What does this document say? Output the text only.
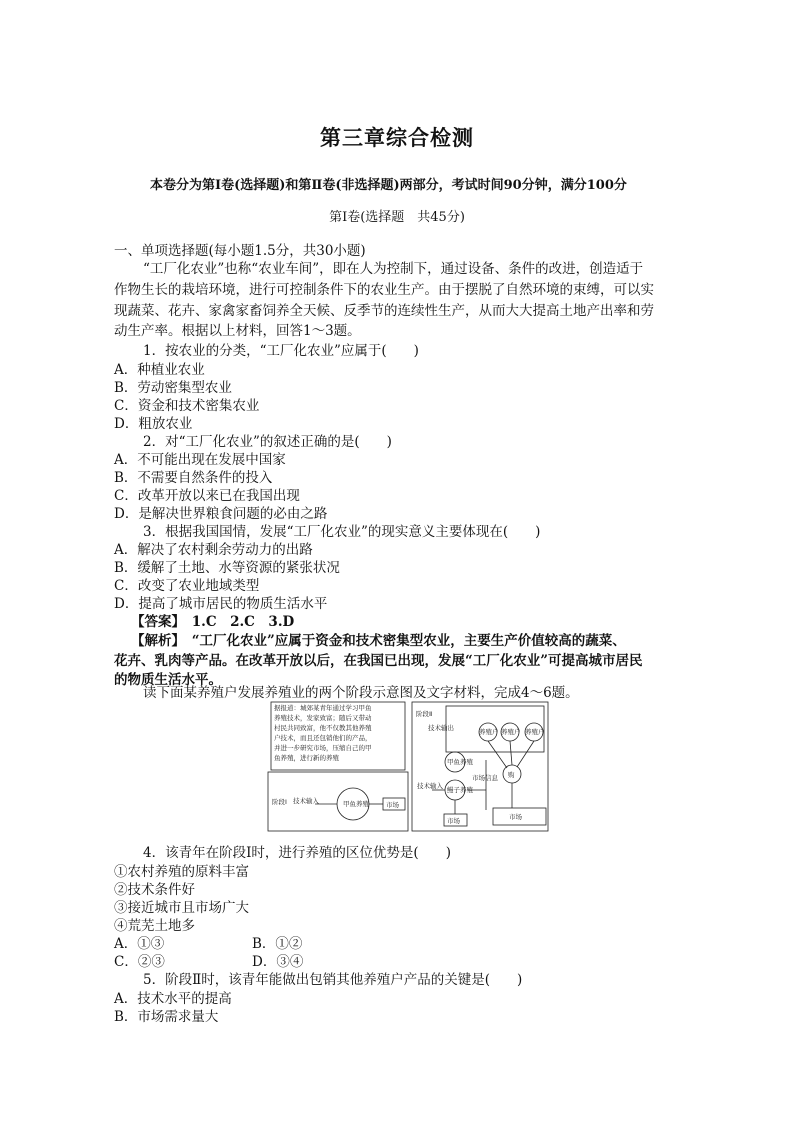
第三章综合检测
本卷分为第Ⅰ卷(选择题)和第Ⅱ卷(非选择题)两部分，考试时间90分钟，满分100分
第Ⅰ卷(选择题　共45分)
一、单项选择题(每小题1.5分，共30小题)
“工厂化农业”也称“农业车间”，即在人为控制下，通过设备、条件的改进，创造适于
作物生长的栽培环境，进行可控制条件下的农业生产。由于摆脱了自然环境的束缚，可以实
现蔬菜、花卉、家禽家畜饲养全天候、反季节的连续性生产，从而大大提高土地产出率和劳
动生产率。根据以上材料，回答1～3题。
1．按农业的分类，“工厂化农业”应属于(　　)
A．种植业农业
B．劳动密集型农业
C．资金和技术密集农业
D．粗放农业
2．对“工厂化农业”的叙述正确的是(　　)
A．不可能出现在发展中国家
B．不需要自然条件的投入
C．改革开放以来已在我国出现
D．是解决世界粮食问题的必由之路
3．根据我国国情，发展“工厂化农业”的现实意义主要体现在(　　)
A．解决了农村剩余劳动力的出路
B．缓解了土地、水等资源的紧张状况
C．改变了农业地域类型
D．提高了城市居民的物质生活水平
【答案】　1.C　2.C　3.D
【解析】　“工厂化农业”应属于资金和技术密集型农业，主要生产价值较高的蔬菜、
花卉、乳肉等产品。在改革开放以后，在我国已出现，发展“工厂化农业”可提高城市居民
的物质生活水平。
读下面某养殖户发展养殖业的两个阶段示意图及文字材料，完成4～6题。
据报道：城郊某青年通过学习甲鱼
养殖技术，发家致富；随后又带动
村民共同致富，他不仅教其他养殖
户技术，而且还包销他们的产品，
并进一步研究市场，压缩自己的甲
鱼养殖，进行新的养殖
阶段Ⅰ 技术输入	甲鱼养殖	市场
阶段Ⅱ
技术输出	养殖户 养殖户 养殖户
购
甲鱼养殖
鳗子养殖
技术输入
市场信息
市场	市场
4．该青年在阶段Ⅰ时，进行养殖的区位优势是(　　)
①农村养殖的原料丰富
②技术条件好
③接近城市且市场广大
④荒芜土地多
A．①③	B．①②
C．②③	D．③④
5．阶段Ⅱ时，该青年能做出包销其他养殖户产品的关键是(　　)
A．技术水平的提高
B．市场需求量大
